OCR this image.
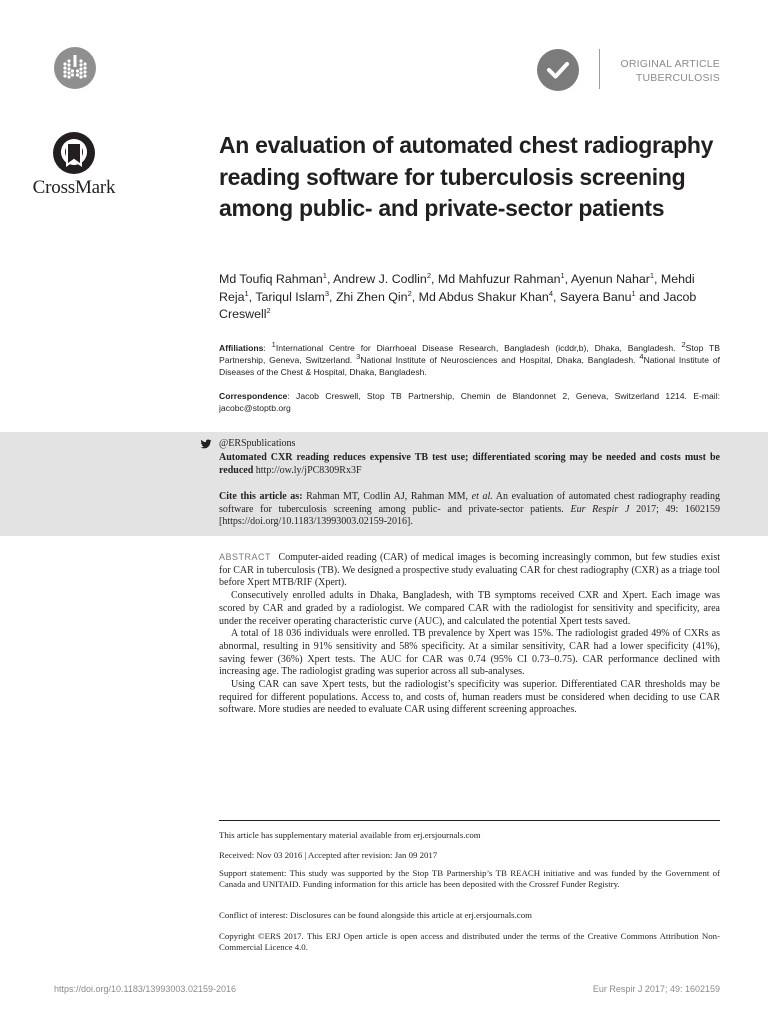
CrossMark
ORIGINAL ARTICLE
TUBERCULOSIS
An evaluation of automated chest radiography reading software for tuberculosis screening among public- and private-sector patients
Md Toufiq Rahman$^1$, Andrew J. Codlin$^2$, Md Mahfuzur Rahman$^1$, Ayenun Nahar$^1$, Mehdi Reja$^1$, Tariqul Islam$^3$, Zhi Zhen Qin$^2$, Md Abdus Shakur Khan$^4$, Sayera Banu$^1$ and Jacob Creswell$^2$
Affiliations: $^1$International Centre for Diarrhoeal Disease Research, Bangladesh (icddr,b), Dhaka, Bangladesh. $^2$Stop TB Partnership, Geneva, Switzerland. $^3$National Institute of Neurosciences and Hospital, Dhaka, Bangladesh. $^4$National Institute of Diseases of the Chest & Hospital, Dhaka, Bangladesh.
Correspondence: Jacob Creswell, Stop TB Partnership, Chemin de Blandonnet 2, Geneva, Switzerland 1214. E-mail: jacobc@stoptb.org
@ERSpublications
Automated CXR reading reduces expensive TB test use; differentiated scoring may be needed and costs must be reduced http://ow.ly/jPC8309Rx3F
Cite this article as: Rahman MT, Codlin AJ, Rahman MM, et al. An evaluation of automated chest radiography reading software for tuberculosis screening among public- and private-sector patients. Eur Respir J 2017; 49: 1602159 [https://doi.org/10.1183/13993003.02159-2016].

ABSTRACT Computer-aided reading (CAR) of medical images is becoming increasingly common, but few studies exist for CAR in tuberculosis (TB). We designed a prospective study evaluating CAR for chest radiography (CXR) as a triage tool before Xpert MTB/RIF (Xpert).

Consecutively enrolled adults in Dhaka, Bangladesh, with TB symptoms received CXR and Xpert. Each image was scored by CAR and graded by a radiologist. We compared CAR with the radiologist for sensitivity and specificity, area under the receiver operating characteristic curve (AUC), and calculated the potential Xpert tests saved.

A total of 18 036 individuals were enrolled. TB prevalence by Xpert was 15%. The radiologist graded 49% of CXRs as abnormal, resulting in 91% sensitivity and 58% specificity. At a similar sensitivity, CAR had a lower specificity (41%), saving fewer (36%) Xpert tests. The AUC for CAR was 0.74 (95% CI 0.73–0.75). CAR performance declined with increasing age. The radiologist grading was superior across all sub-analyses.

Using CAR can save Xpert tests, but the radiologist’s specificity was superior. Differentiated CAR thresholds may be required for different populations. Access to, and costs of, human readers must be considered when deciding to use CAR software. More studies are needed to evaluate CAR using different screening approaches.

This article has supplementary material available from erj.ersjournals.com
Received: Nov 03 2016 | Accepted after revision: Jan 09 2017
Support statement: This study was supported by the Stop TB Partnership’s TB REACH initiative and was funded by the Government of Canada and UNITAID. Funding information for this article has been deposited with the Crossref Funder Registry.
Conflict of interest: Disclosures can be found alongside this article at erj.ersjournals.com
Copyright ©ERS 2017. This ERJ Open article is open access and distributed under the terms of the Creative Commons Attribution Non-Commercial Licence 4.0.
https://doi.org/10.1183/13993003.02159-2016	Eur Respir J 2017; 49: 1602159
